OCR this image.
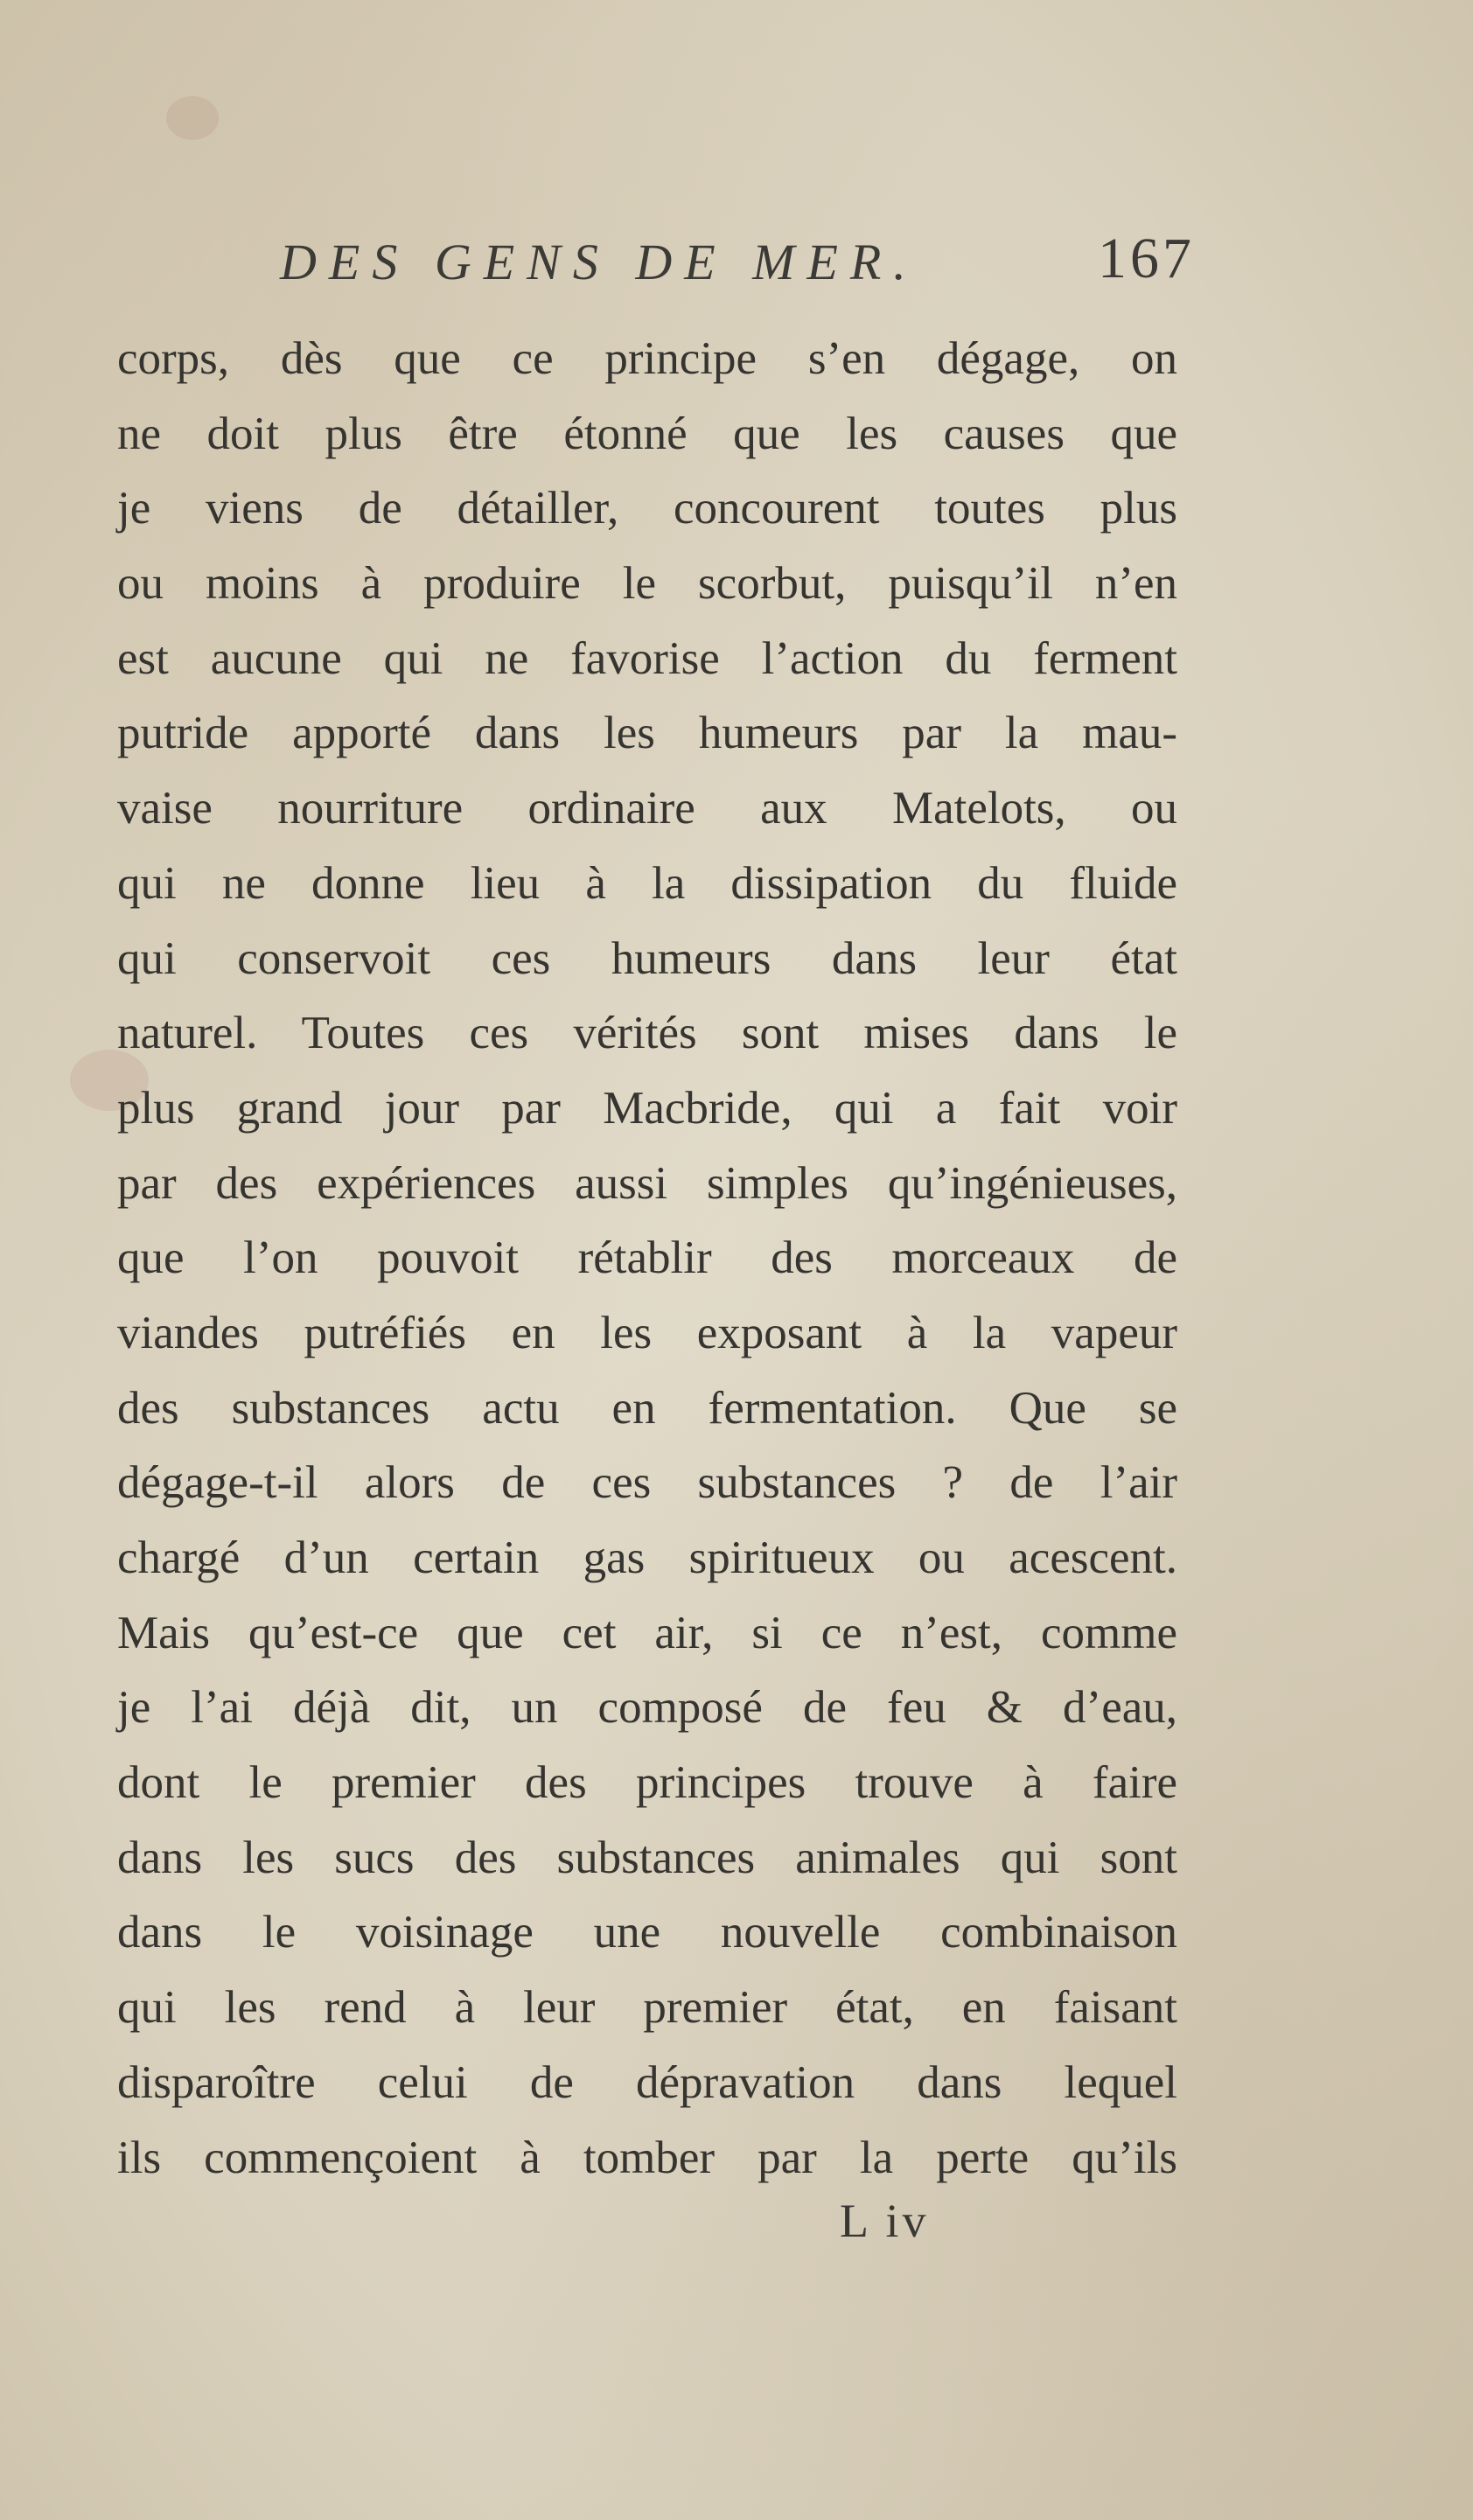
DES GENS DE MER.	167
corps, dès que ce principe s’en dégage, on
ne doit plus être étonné que les causes que
je viens de détailler, concourent toutes plus
ou moins à produire le scorbut, puisqu’il n’en
est aucune qui ne favorise l’action du ferment
putride apporté dans les humeurs par la mau-
vaise nourriture ordinaire aux Matelots, ou
qui ne donne lieu à la dissipation du fluide
qui conservoit ces humeurs dans leur état
naturel. Toutes ces vérités sont mises dans le
plus grand jour par Macbride, qui a fait voir
par des expériences aussi simples qu’ingénieuses,
que l’on pouvoit rétablir des morceaux de
viandes putréfiés en les exposant à la vapeur
des substances actu en fermentation. Que se
dégage-t-il alors de ces substances ? de l’air
chargé d’un certain gas spiritueux ou acescent.
Mais qu’est-ce que cet air, si ce n’est, comme
je l’ai déjà dit, un composé de feu & d’eau,
dont le premier des principes trouve à faire
dans les sucs des substances animales qui sont
dans le voisinage une nouvelle combinaison
qui les rend à leur premier état, en faisant
disparoître celui de dépravation dans lequel
ils commençoient à tomber par la perte qu’ils
L iv
